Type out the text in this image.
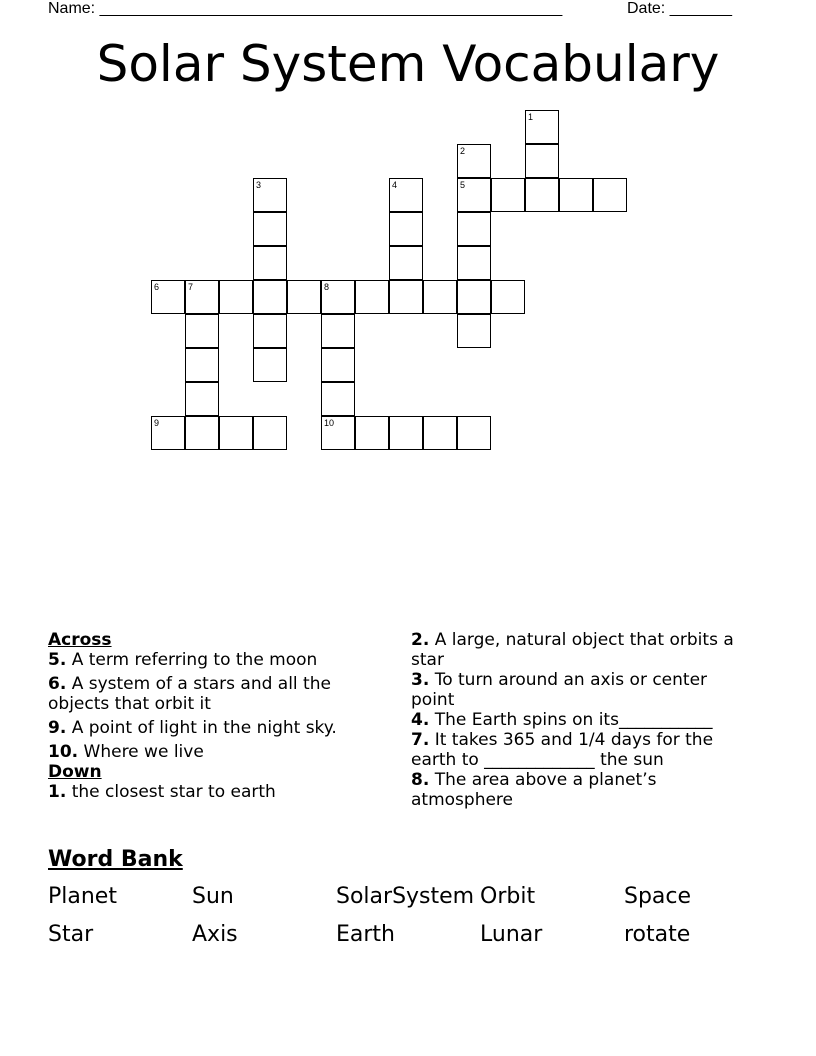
Name: ____________________________________________________	Date: _______
Solar System Vocabulary
1
2
3	4	5
6	7	8
9	10
Across
5. A term referring to the moon
6. A system of a stars and all the objects that orbit it
9. A point of light in the night sky.
10. Where we live
Down
1. the closest star to earth
2. A large, natural object that orbits a star
3. To turn around an axis or center point
4. The Earth spins on its___________
7. It takes 365 and 1/4 days for the earth to _____________ the sun
8. The area above a planet’s atmosphere
Word Bank
Planet	Sun	SolarSystem Orbit	Space
Star	Axis	Earth	Lunar	rotate
